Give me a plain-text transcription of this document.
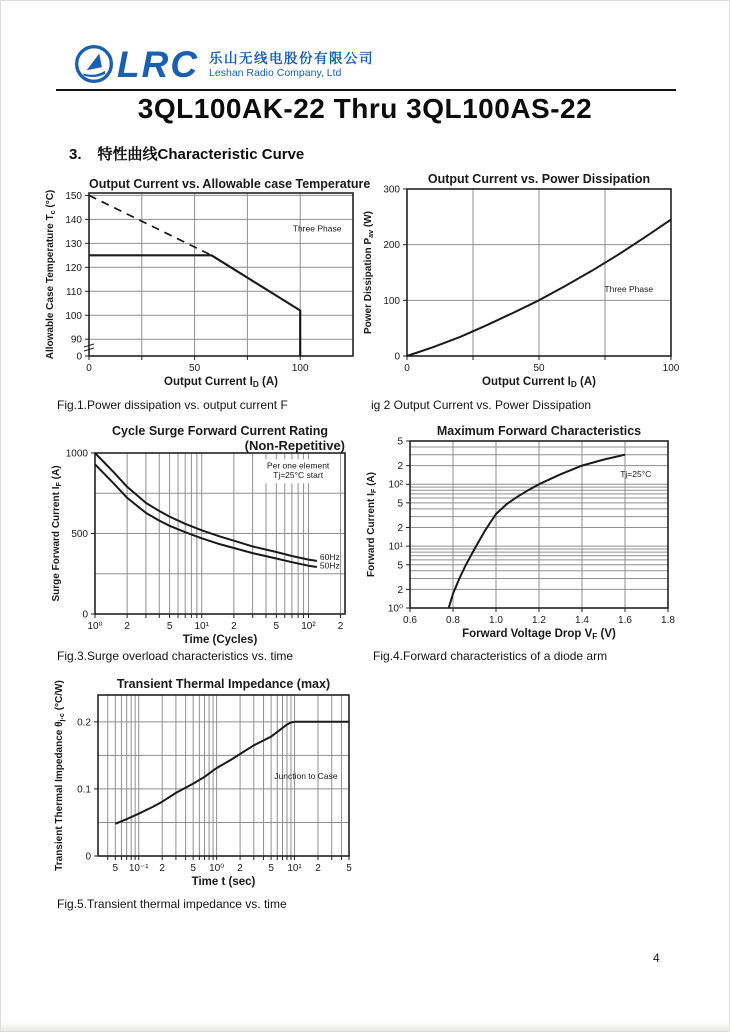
LRC 乐山无线电股份有限公司
Leshan Radio Company, Ltd
3QL100AK-22 Thru 3QL100AS-22
3. 特性曲线Characteristic Curve
Output Current vs. Allowable case Temperature	Output Current vs. Power Dissipation
Cycle Surge Forward Current Rating
(Non-Repetitive)
Maximum Forward Characteristics
Transient Thermal Impedance (max)
0	50	100
150
140
130
120
110
100
90
0
Three Phase
Output Current ID (A)
Allowable Case Temperature $T_c$ (°C)
0	50	100
0
100
200
300
Three Phase
Output Current ID (A)
Power Dissipation $P_{av}$ (W)
10⁰ 2	5 10¹ 2	5 10² 2
0
500
1000
Per one element
Tj=25°C start
60Hz
50Hz
Time (Cycles)
Surge Forward Current $I_F$ (A)
0.6	0.8	1.0	1.2	1.4	1.6	1.8
10⁰
2
5
10¹
2
5
10²
2
5
Tj=25°C
Forward Voltage Drop VF (V)
Forward Current $I_F$ (A)
5 10⁻¹ 2	5 10⁰ 2	5 10¹ 2	5
0
0.1
0.2
Junction to Case
Time t (sec)
Transient Thermal Impedance $\theta_{j-c}$ (°C/W)
Fig.1.Power dissipation vs. output current F	ig 2 Output Current vs. Power Dissipation
Fig.3.Surge overload characteristics vs. time	Fig.4.Forward characteristics of a diode arm
Fig.5.Transient thermal impedance vs. time
4
